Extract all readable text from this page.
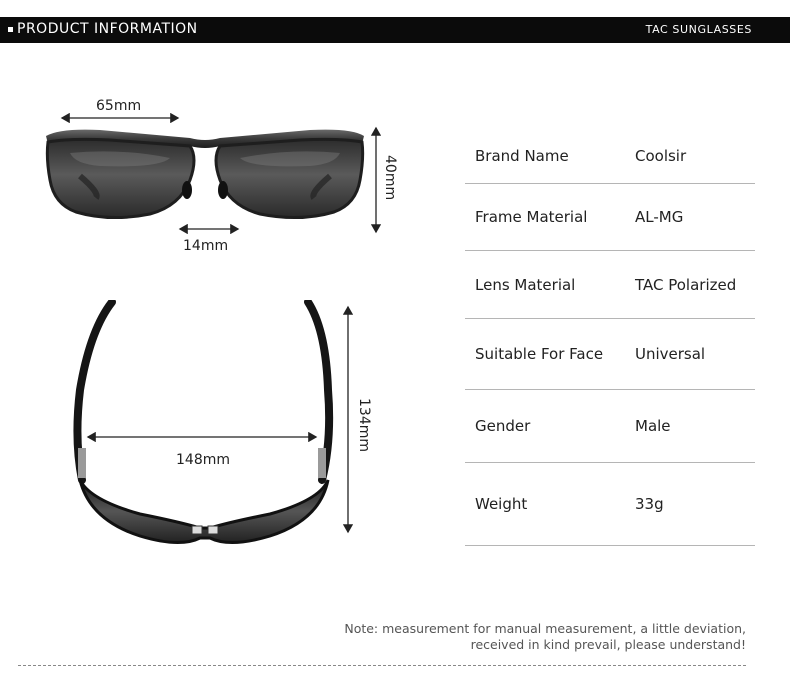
PRODUCT INFORMATION	TAC SUNGLASSES
65mm
40mm
14mm
148mm
134mm
Brand Name	Coolsir
Frame Material	AL-MG
Lens Material	TAC Polarized
Suitable For Face Universal
Gender	Male
Weight	33g
Note: measurement for manual measurement, a little deviation,
received in kind prevail, please understand!
